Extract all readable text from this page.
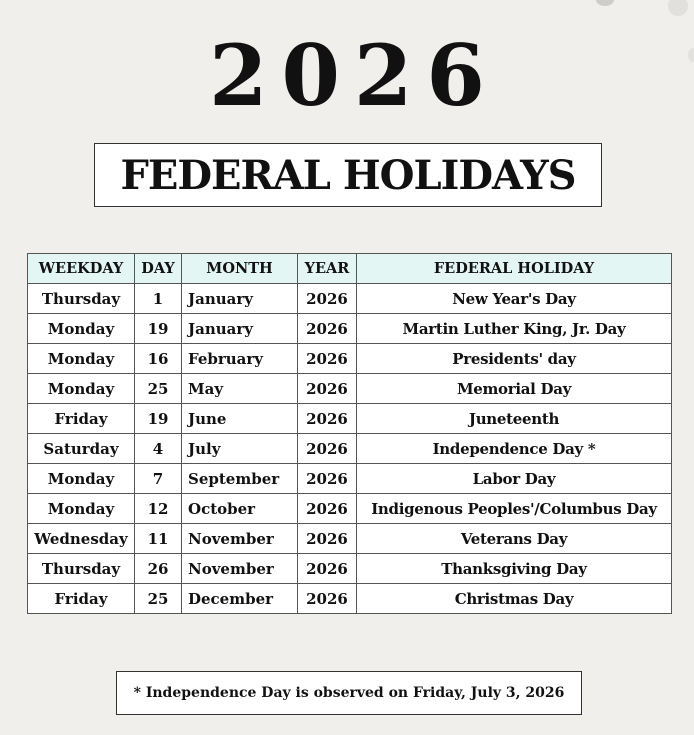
2026
FEDERAL HOLIDAYS
WEEKDAY	DAY	MONTH	YEAR	FEDERAL HOLIDAY
Thursday	1	January	2026	New Year's Day
Monday	19	January	2026	Martin Luther King, Jr. Day
Monday	16	February	2026	Presidents' day
Monday	25	May	2026	Memorial Day
Friday	19	June	2026	Juneteenth
Saturday	4	July	2026	Independence Day *
Monday	7	September	2026	Labor Day
Monday	12	October	2026	Indigenous Peoples'/Columbus Day
Wednesday	11	November	2026	Veterans Day
Thursday	26	November	2026	Thanksgiving Day
Friday	25	December	2026	Christmas Day
* Independence Day is observed on Friday, July 3, 2026
